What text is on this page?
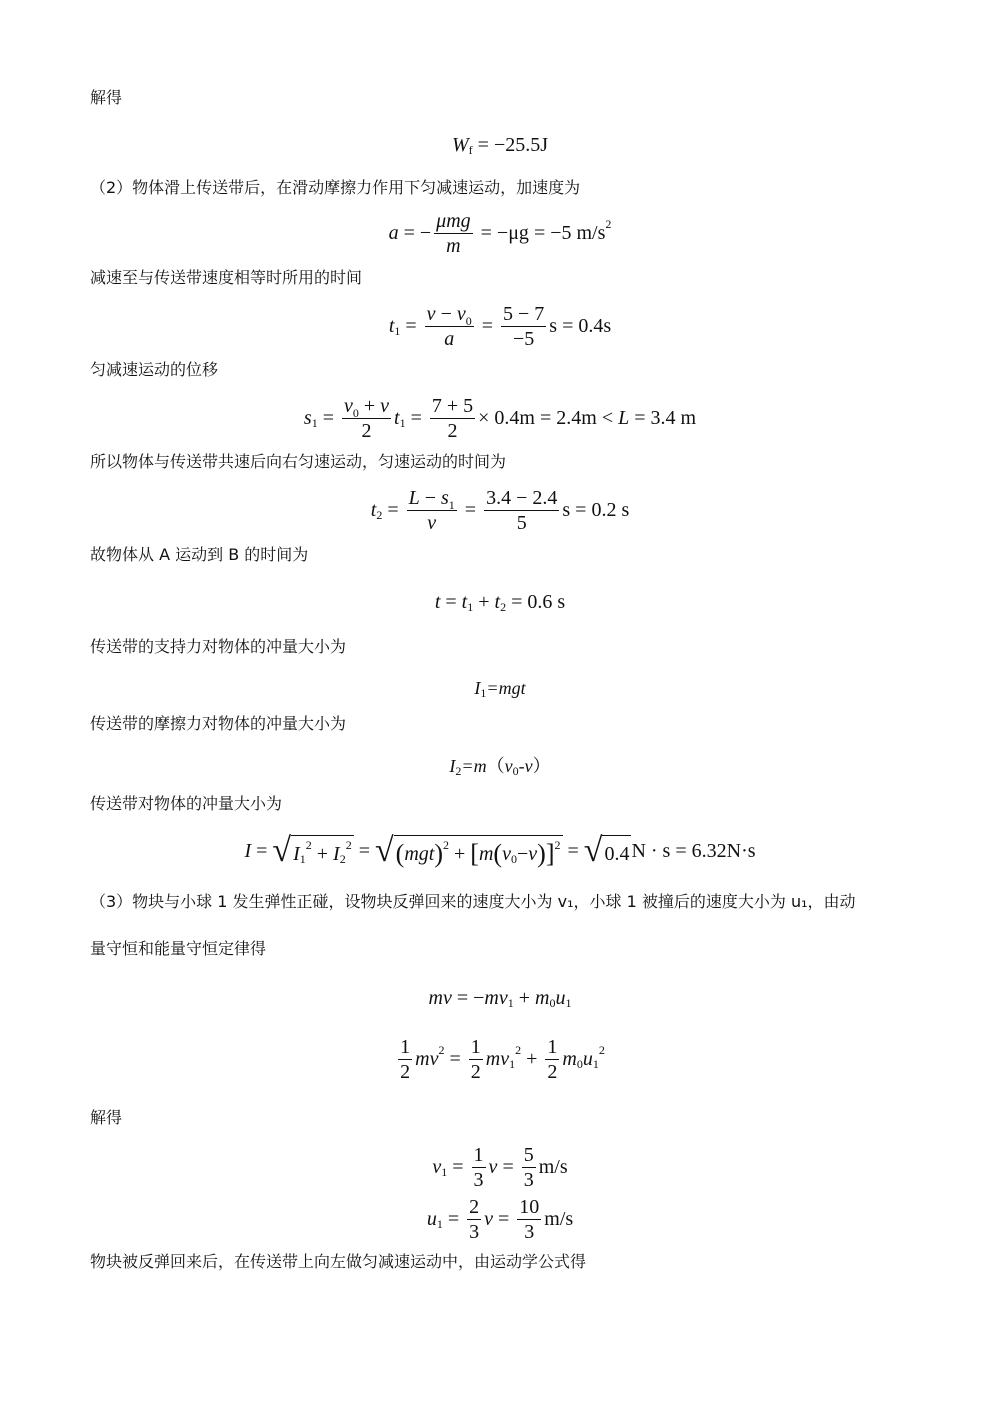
解得
（2）物体滑上传送带后，在滑动摩擦力作用下匀减速运动，加速度为
减速至与传送带速度相等时所用的时间
匀减速运动的位移
所以物体与传送带共速后向右匀速运动，匀速运动的时间为
故物体从 A 运动到 B 的时间为
传送带的支持力对物体的冲量大小为
传送带的摩擦力对物体的冲量大小为
传送带对物体的冲量大小为
（3）物块与小球 1 发生弹性正碰，设物块反弹回来的速度大小为 v₁，小球 1 被撞后的速度大小为 u₁，由动
量守恒和能量守恒定律得
解得
物块被反弹回来后，在传送带上向左做匀减速运动中，由运动学公式得
W f = −25.5J
a = − $\frac{\text{μmg}}{m} = -\mu g = -5$ m/s 2
t $1 = \frac{v - v_0}{a} = \frac{5 - 7}{-5}$ s = 0.4s
s $1 = \frac{v_0 + v}{2}$ t $1 = \frac{7 + 5}{2} \times 0.4m = 2.4m < L = 3.4$ m
t $2 = \frac{L - s_1}{v} = \frac{3.4 - 2.4}{5}$ s = 0.2 s
t = t 1 + t 2 = 0.6 s
I 1 =mgt
I 2 =m （ v 0 - v ）
I = √ I 1
2 + I 2
2 = √ ( mgt ) 2 + [ m ( v 0 − v ) ] 2 = √ 0.4 N · s = 6.32N·s
mv = − mv 1 + m 0 u 1
$\frac{1}{2}$ mv $2 = \frac{1}{2}$ mv 1
$2 + \frac{1}{2}$ m 0 u 1
2
v $1 = \frac{1}{3}$ $v = \frac{5}{3} m/s$
u $1 = \frac{2}{3}$ $v = \frac{10}{3} m/s$
